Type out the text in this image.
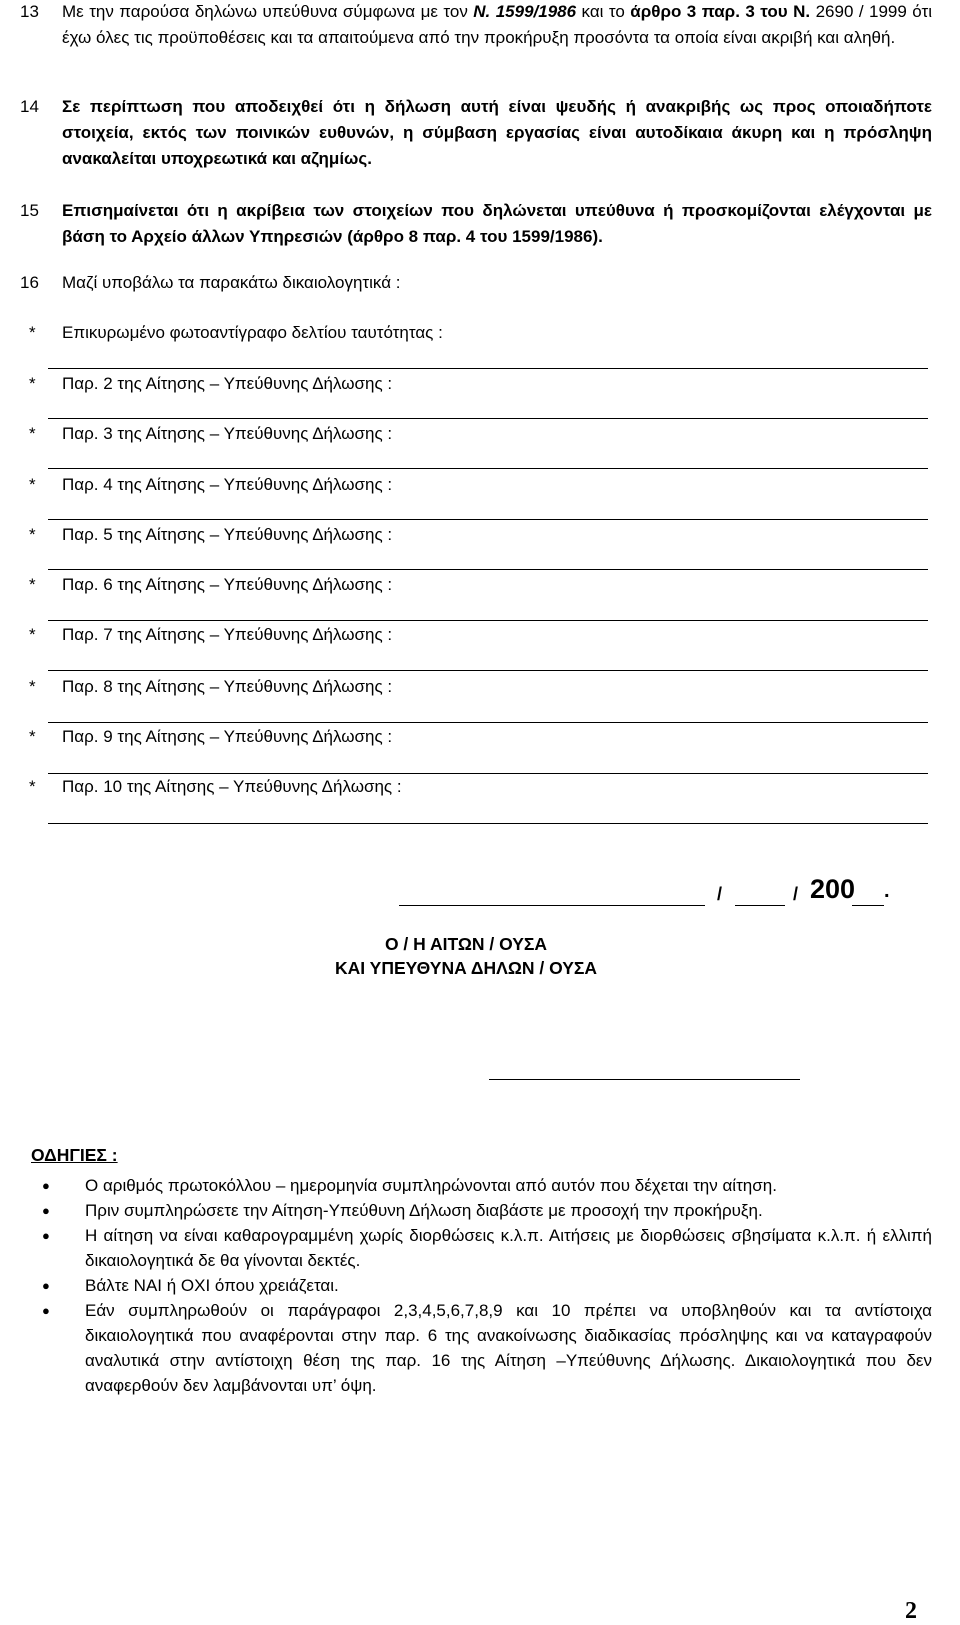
13	Με την παρούσα δηλώνω υπεύθυνα σύμφωνα με τον Ν. 1599/1986 και το άρθρο 3 παρ. 3 του Ν. 2690 / 1999 ότι έχω όλες τις προϋποθέσεις και τα απαιτούμενα από την προκήρυξη προσόντα τα οποία είναι ακριβή και αληθή.
14	Σε περίπτωση που αποδειχθεί ότι η δήλωση αυτή είναι ψευδής ή ανακριβής ως προς οποιαδήποτε στοιχεία, εκτός των ποινικών ευθυνών, η σύμβαση εργασίας είναι αυτοδίκαια άκυρη και η πρόσληψη ανακαλείται υποχρεωτικά και αζημίως.
15	Επισημαίνεται ότι η ακρίβεια των στοιχείων που δηλώνεται υπεύθυνα ή προσκομίζονται ελέγχονται με βάση το Αρχείο άλλων Υπηρεσιών (άρθρο 8 παρ. 4 του 1599/1986).
16	Μαζί υποβάλω τα παρακάτω δικαιολογητικά :
* Επικυρωμένο φωτοαντίγραφο δελτίου ταυτότητας :
* Παρ. 2 της Αίτησης – Υπεύθυνης Δήλωσης :
* Παρ. 3 της Αίτησης – Υπεύθυνης Δήλωσης :
* Παρ. 4 της Αίτησης – Υπεύθυνης Δήλωσης :
* Παρ. 5 της Αίτησης – Υπεύθυνης Δήλωσης :
* Παρ. 6 της Αίτησης – Υπεύθυνης Δήλωσης :
* Παρ. 7 της Αίτησης – Υπεύθυνης Δήλωσης :
* Παρ. 8 της Αίτησης – Υπεύθυνης Δήλωσης :
* Παρ. 9 της Αίτησης – Υπεύθυνης Δήλωσης :
* Παρ. 10 της Αίτησης – Υπεύθυνης Δήλωσης :
/	/ 200 .
Ο / Η ΑΙΤΩΝ / ΟΥΣΑ
ΚΑΙ ΥΠΕΥΘΥΝΑ ΔΗΛΩΝ / ΟΥΣΑ
ΟΔΗΓΙΕΣ :
● Ο αριθμός πρωτοκόλλου – ημερομηνία συμπληρώνονται από αυτόν που δέχεται την αίτηση.
● Πριν συμπληρώσετε την Αίτηση-Υπεύθυνη Δήλωση διαβάστε με προσοχή την προκήρυξη.
● Η αίτηση να είναι καθαρογραμμένη χωρίς διορθώσεις κ.λ.π. Αιτήσεις με διορθώσεις σβησίματα κ.λ.π. ή ελλιπή δικαιολογητικά δε θα γίνονται δεκτές.
● Βάλτε ΝΑΙ ή ΟΧΙ όπου χρειάζεται.
● Εάν συμπληρωθούν οι παράγραφοι 2,3,4,5,6,7,8,9 και 10 πρέπει να υποβληθούν και τα αντίστοιχα δικαιολογητικά που αναφέρονται στην παρ. 6 της ανακοίνωσης διαδικασίας πρόσληψης και να καταγραφούν αναλυτικά στην αντίστοιχη θέση της παρ. 16 της Αίτηση –Υπεύθυνης Δήλωσης. Δικαιολογητικά που δεν αναφερθούν δεν λαμβάνονται υπ’ όψη.
2
